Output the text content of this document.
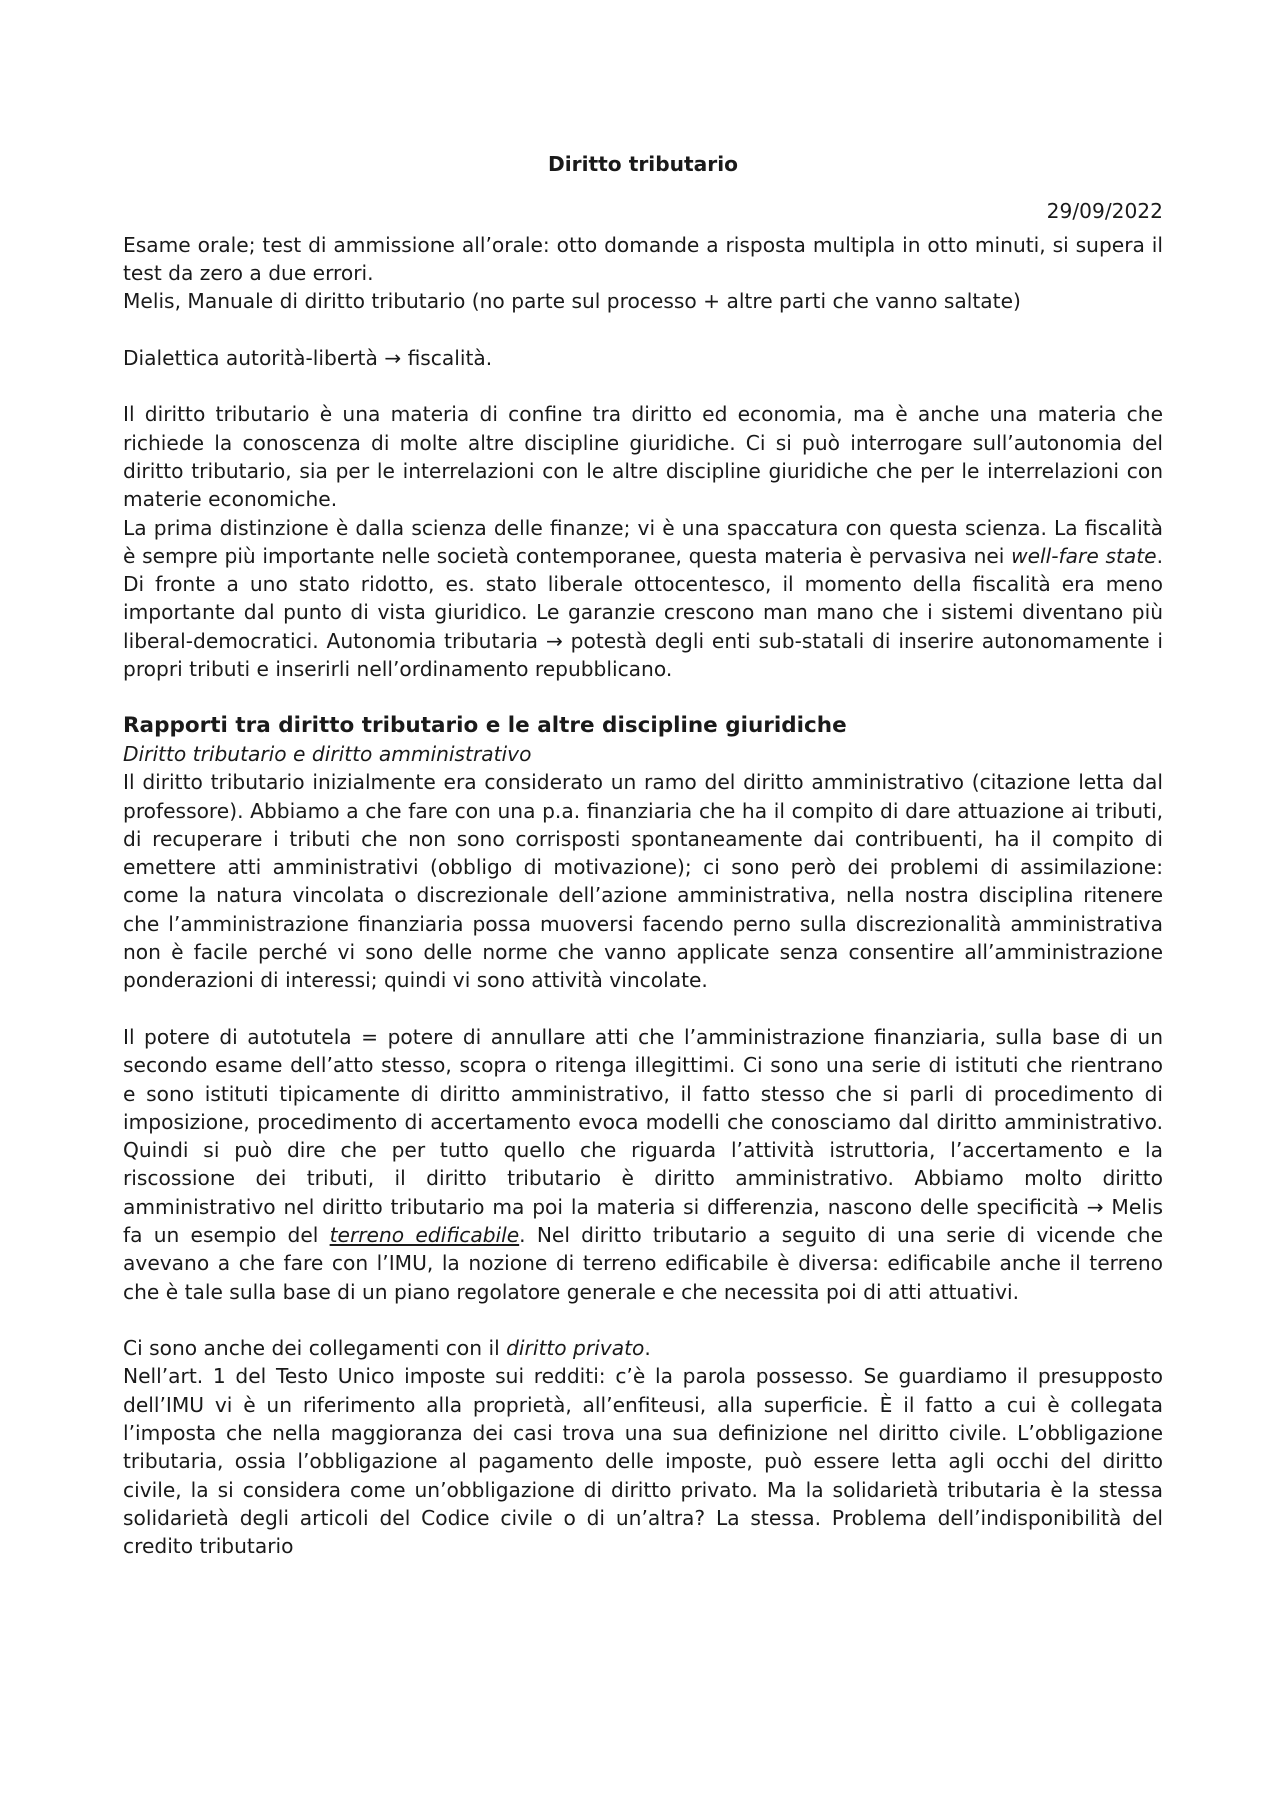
Diritto tributario

29/09/2022

Esame orale; test di ammissione all’orale: otto domande a risposta multipla in otto minuti, si supera il test da zero a due errori.

Melis, Manuale di diritto tributario (no parte sul processo + altre parti che vanno saltate)

Dialettica autorità-libertà → fiscalità.

Il diritto tributario è una materia di confine tra diritto ed economia, ma è anche una materia che richiede la conoscenza di molte altre discipline giuridiche. Ci si può interrogare sull’autonomia del diritto tributario, sia per le interrelazioni con le altre discipline giuridiche che per le interrelazioni con materie economiche.

La prima distinzione è dalla scienza delle finanze; vi è una spaccatura con questa scienza. La fiscalità è sempre più importante nelle società contemporanee, questa materia è pervasiva nei well-fare state. Di fronte a uno stato ridotto, es. stato liberale ottocentesco, il momento della fiscalità era meno importante dal punto di vista giuridico. Le garanzie crescono man mano che i sistemi diventano più liberal-democratici. Autonomia tributaria → potestà degli enti sub-statali di inserire autonomamente i propri tributi e inserirli nell’ordinamento repubblicano.

Rapporti tra diritto tributario e le altre discipline giuridiche

Diritto tributario e diritto amministrativo

Il diritto tributario inizialmente era considerato un ramo del diritto amministrativo (citazione letta dal professore). Abbiamo a che fare con una p.a. finanziaria che ha il compito di dare attuazione ai tributi, di recuperare i tributi che non sono corrisposti spontaneamente dai contribuenti, ha il compito di emettere atti amministrativi (obbligo di motivazione); ci sono però dei problemi di assimilazione: come la natura vincolata o discrezionale dell’azione amministrativa, nella nostra disciplina ritenere che l’amministrazione finanziaria possa muoversi facendo perno sulla discrezionalità amministrativa non è facile perché vi sono delle norme che vanno applicate senza consentire all’amministrazione ponderazioni di interessi; quindi vi sono attività vincolate.

Il potere di autotutela = potere di annullare atti che l’amministrazione finanziaria, sulla base di un secondo esame dell’atto stesso, scopra o ritenga illegittimi. Ci sono una serie di istituti che rientrano e sono istituti tipicamente di diritto amministrativo, il fatto stesso che si parli di procedimento di imposizione, procedimento di accertamento evoca modelli che conosciamo dal diritto amministrativo. Quindi si può dire che per tutto quello che riguarda l’attività istruttoria, l’accertamento e la riscossione dei tributi, il diritto tributario è diritto amministrativo. Abbiamo molto diritto amministrativo nel diritto tributario ma poi la materia si differenzia, nascono delle specificità → Melis fa un esempio del terreno edificabile. Nel diritto tributario a seguito di una serie di vicende che avevano a che fare con l’IMU, la nozione di terreno edificabile è diversa: edificabile anche il terreno che è tale sulla base di un piano regolatore generale e che necessita poi di atti attuativi.

Ci sono anche dei collegamenti con il diritto privato.

Nell’art. 1 del Testo Unico imposte sui redditi: c’è la parola possesso. Se guardiamo il presupposto dell’IMU vi è un riferimento alla proprietà, all’enfiteusi, alla superficie. È il fatto a cui è collegata l’imposta che nella maggioranza dei casi trova una sua definizione nel diritto civile. L’obbligazione tributaria, ossia l’obbligazione al pagamento delle imposte, può essere letta agli occhi del diritto civile, la si considera come un’obbligazione di diritto privato. Ma la solidarietà tributaria è la stessa solidarietà degli articoli del Codice civile o di un’altra? La stessa. Problema dell’indisponibilità del credito tributario
